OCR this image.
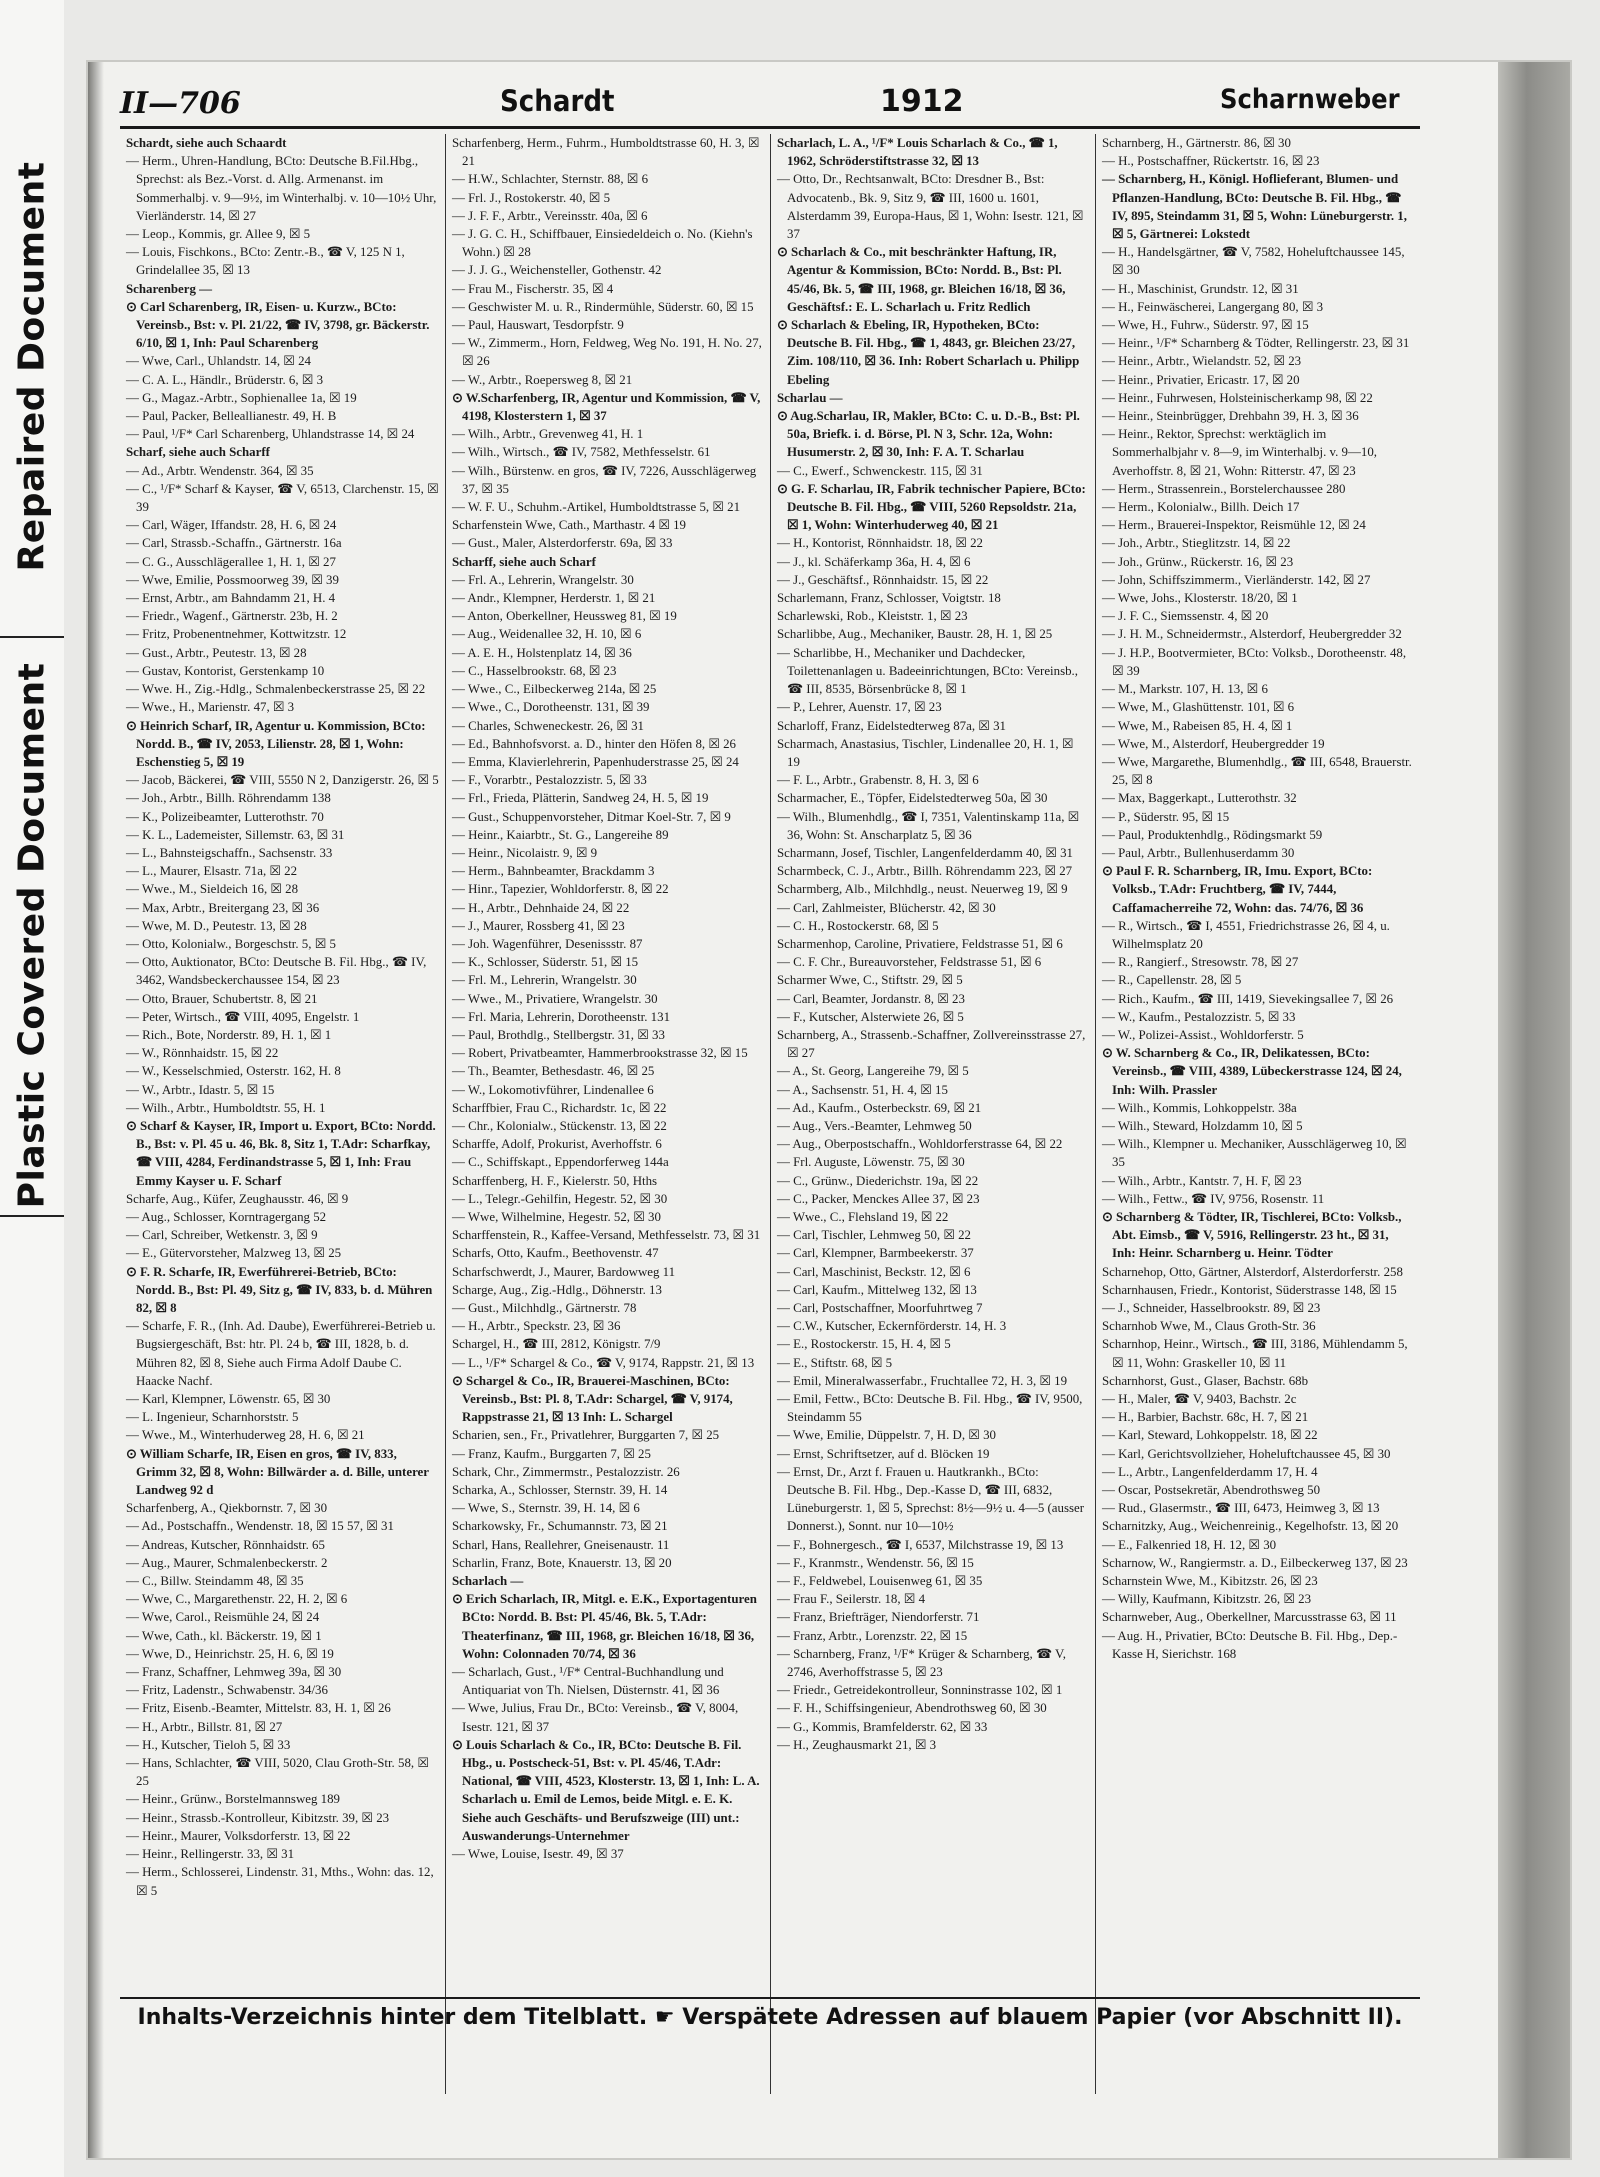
Repaired Document
Plastic Covered Document
II—706	Schardt	1912	Scharnweber
Schardt, siehe auch Schaardt
— Herm., Uhren-Handlung, BCto: Deutsche B.Fil.Hbg., Sprechst: als Bez.-Vorst. d. Allg. Armenanst. im Sommerhalbj. v. 9—9½, im Winterhalbj. v. 10—10½ Uhr, Vierländerstr. 14, ☒ 27
— Leop., Kommis, gr. Allee 9, ☒ 5
— Louis, Fischkons., BCto: Zentr.-B., ☎ V, 125 N 1, Grindelallee 35, ☒ 13
Scharenberg —
⊙ Carl Scharenberg, IR, Eisen- u. Kurzw., BCto: Vereinsb., Bst: v. Pl. 21/22, ☎ IV, 3798, gr. Bäckerstr. 6/10, ☒ 1, Inh: Paul Scharenberg
— Wwe, Carl., Uhlandstr. 14, ☒ 24
— C. A. L., Händlr., Brüderstr. 6, ☒ 3
— G., Magaz.-Arbtr., Sophienallee 1a, ☒ 19
— Paul, Packer, Belleallianestr. 49, H. B
— Paul, ¹/F* Carl Scharenberg, Uhlandstrasse 14, ☒ 24
Scharf, siehe auch Scharff
— Ad., Arbtr. Wendenstr. 364, ☒ 35
— C., ¹/F* Scharf & Kayser, ☎ V, 6513, Clarchenstr. 15, ☒ 39
— Carl, Wäger, Iffandstr. 28, H. 6, ☒ 24
— Carl, Strassb.-Schaffn., Gärtnerstr. 16a
— C. G., Ausschlägerallee 1, H. 1, ☒ 27
— Wwe, Emilie, Possmoorweg 39, ☒ 39
— Ernst, Arbtr., am Bahndamm 21, H. 4
— Friedr., Wagenf., Gärtnerstr. 23b, H. 2
— Fritz, Probenentnehmer, Kottwitzstr. 12
— Gust., Arbtr., Peutestr. 13, ☒ 28
— Gustav, Kontorist, Gerstenkamp 10
— Wwe. H., Zig.-Hdlg., Schmalenbeckerstrasse 25, ☒ 22
— Wwe., H., Marienstr. 47, ☒ 3
⊙ Heinrich Scharf, IR, Agentur u. Kommission, BCto: Nordd. B., ☎ IV, 2053, Lilienstr. 28, ☒ 1, Wohn: Eschenstieg 5, ☒ 19
— Jacob, Bäckerei, ☎ VIII, 5550 N 2, Danzigerstr. 26, ☒ 5
— Joh., Arbtr., Billh. Röhrendamm 138
— K., Polizeibeamter, Lutterothstr. 70
— K. L., Lademeister, Sillemstr. 63, ☒ 31
— L., Bahnsteigschaffn., Sachsenstr. 33
— L., Maurer, Elsastr. 71a, ☒ 22
— Wwe., M., Sieldeich 16, ☒ 28
— Max, Arbtr., Breitergang 23, ☒ 36
— Wwe, M. D., Peutestr. 13, ☒ 28
— Otto, Kolonialw., Borgeschstr. 5, ☒ 5
— Otto, Auktionator, BCto: Deutsche B. Fil. Hbg., ☎ IV, 3462, Wandsbeckerchaussee 154, ☒ 23
— Otto, Brauer, Schubertstr. 8, ☒ 21
— Peter, Wirtsch., ☎ VIII, 4095, Engelstr. 1
— Rich., Bote, Norderstr. 89, H. 1, ☒ 1
— W., Rönnhaidstr. 15, ☒ 22
— W., Kesselschmied, Osterstr. 162, H. 8
— W., Arbtr., Idastr. 5, ☒ 15
— Wilh., Arbtr., Humboldtstr. 55, H. 1
⊙ Scharf & Kayser, IR, Import u. Export, BCto: Nordd. B., Bst: v. Pl. 45 u. 46, Bk. 8, Sitz 1, T.Adr: Scharfkay, ☎ VIII, 4284, Ferdinandstrasse 5, ☒ 1, Inh: Frau Emmy Kayser u. F. Scharf
Scharfe, Aug., Küfer, Zeughausstr. 46, ☒ 9
— Aug., Schlosser, Korntragergang 52
— Carl, Schreiber, Wetkenstr. 3, ☒ 9
— E., Gütervorsteher, Malzweg 13, ☒ 25
⊙ F. R. Scharfe, IR, Ewerführerei-Betrieb, BCto: Nordd. B., Bst: Pl. 49, Sitz g, ☎ IV, 833, b. d. Mühren 82, ☒ 8
— Scharfe, F. R., (Inh. Ad. Daube), Ewerführerei-Betrieb u. Bugsiergeschäft, Bst: htr. Pl. 24 b, ☎ III, 1828, b. d. Mühren 82, ☒ 8, Siehe auch Firma Adolf Daube C. Haacke Nachf.
— Karl, Klempner, Löwenstr. 65, ☒ 30
— L. Ingenieur, Scharnhorststr. 5
— Wwe., M., Winterhuderweg 28, H. 6, ☒ 21
⊙ William Scharfe, IR, Eisen en gros, ☎ IV, 833, Grimm 32, ☒ 8, Wohn: Billwärder a. d. Bille, unterer Landweg 92 d
Scharfenberg, A., Qiekbornstr. 7, ☒ 30
— Ad., Postschaffn., Wendenstr. 18, ☒ 15 57, ☒ 31
— Andreas, Kutscher, Rönnhaidstr. 65
— Aug., Maurer, Schmalenbeckerstr. 2
— C., Billw. Steindamm 48, ☒ 35
— Wwe, C., Margarethenstr. 22, H. 2, ☒ 6
— Wwe, Carol., Reismühle 24, ☒ 24
— Wwe, Cath., kl. Bäckerstr. 19, ☒ 1
— Wwe, D., Heinrichstr. 25, H. 6, ☒ 19
— Franz, Schaffner, Lehmweg 39a, ☒ 30
— Fritz, Ladenstr., Schwabenstr. 34/36
— Fritz, Eisenb.-Beamter, Mittelstr. 83, H. 1, ☒ 26
— H., Arbtr., Billstr. 81, ☒ 27
— H., Kutscher, Tieloh 5, ☒ 33
— Hans, Schlachter, ☎ VIII, 5020, Clau Groth-Str. 58, ☒ 25
— Heinr., Grünw., Borstelmannsweg 189
— Heinr., Strassb.-Kontrolleur, Kibitzstr. 39, ☒ 23
— Heinr., Maurer, Volksdorferstr. 13, ☒ 22
— Heinr., Rellingerstr. 33, ☒ 31
— Herm., Schlosserei, Lindenstr. 31, Mths., Wohn: das. 12, ☒ 5
Scharfenberg, Herm., Fuhrm., Humboldtstrasse 60, H. 3, ☒ 21
— H.W., Schlachter, Sternstr. 88, ☒ 6
— Frl. J., Rostokerstr. 40, ☒ 5
— J. F. F., Arbtr., Vereinsstr. 40a, ☒ 6
— J. G. C. H., Schiffbauer, Einsiedeldeich o. No. (Kiehn's Wohn.) ☒ 28
— J. J. G., Weichensteller, Gothenstr. 42
— Frau M., Fischerstr. 35, ☒ 4
— Geschwister M. u. R., Rindermühle, Süderstr. 60, ☒ 15
— Paul, Hauswart, Tesdorpfstr. 9
— W., Zimmerm., Horn, Feldweg, Weg No. 191, H. No. 27, ☒ 26
— W., Arbtr., Roepersweg 8, ☒ 21
⊙ W.Scharfenberg, IR, Agentur und Kommission, ☎ V, 4198, Klosterstern 1, ☒ 37
— Wilh., Arbtr., Grevenweg 41, H. 1
— Wilh., Wirtsch., ☎ IV, 7582, Methfesselstr. 61
— Wilh., Bürstenw. en gros, ☎ IV, 7226, Ausschlägerweg 37, ☒ 35
— W. F. U., Schuhm.-Artikel, Humboldtstrasse 5, ☒ 21
Scharfenstein Wwe, Cath., Marthastr. 4 ☒ 19
— Gust., Maler, Alsterdorferstr. 69a, ☒ 33
Scharff, siehe auch Scharf
— Frl. A., Lehrerin, Wrangelstr. 30
— Andr., Klempner, Herderstr. 1, ☒ 21
— Anton, Oberkellner, Heussweg 81, ☒ 19
— Aug., Weidenallee 32, H. 10, ☒ 6
— A. E. H., Holstenplatz 14, ☒ 36
— C., Hasselbrookstr. 68, ☒ 23
— Wwe., C., Eilbeckerweg 214a, ☒ 25
— Wwe., C., Dorotheenstr. 131, ☒ 39
— Charles, Schweneckestr. 26, ☒ 31
— Ed., Bahnhofsvorst. a. D., hinter den Höfen 8, ☒ 26
— Emma, Klavierlehrerin, Papenhuderstrasse 25, ☒ 24
— F., Vorarbtr., Pestalozzistr. 5, ☒ 33
— Frl., Frieda, Plätterin, Sandweg 24, H. 5, ☒ 19
— Gust., Schuppenvorsteher, Ditmar Koel-Str. 7, ☒ 9
— Heinr., Kaiarbtr., St. G., Langereihe 89
— Heinr., Nicolaistr. 9, ☒ 9
— Herm., Bahnbeamter, Brackdamm 3
— Hinr., Tapezier, Wohldorferstr. 8, ☒ 22
— H., Arbtr., Dehnhaide 24, ☒ 22
— J., Maurer, Rossberg 41, ☒ 23
— Joh. Wagenführer, Desenissstr. 87
— K., Schlosser, Süderstr. 51, ☒ 15
— Frl. M., Lehrerin, Wrangelstr. 30
— Wwe., M., Privatiere, Wrangelstr. 30
— Frl. Maria, Lehrerin, Dorotheenstr. 131
— Paul, Brothdlg., Stellbergstr. 31, ☒ 33
— Robert, Privatbeamter, Hammerbrookstrasse 32, ☒ 15
— Th., Beamter, Bethesdastr. 46, ☒ 25
— W., Lokomotivführer, Lindenallee 6
Scharffbier, Frau C., Richardstr. 1c, ☒ 22
— Chr., Kolonialw., Stückenstr. 13, ☒ 22
Scharffe, Adolf, Prokurist, Averhoffstr. 6
— C., Schiffskapt., Eppendorferweg 144a
Scharffenberg, H. F., Kielerstr. 50, Hths
— L., Telegr.-Gehilfin, Hegestr. 52, ☒ 30
— Wwe, Wilhelmine, Hegestr. 52, ☒ 30
Scharffenstein, R., Kaffee-Versand, Methfesselstr. 73, ☒ 31
Scharfs, Otto, Kaufm., Beethovenstr. 47
Scharfschwerdt, J., Maurer, Bardowweg 11
Scharge, Aug., Zig.-Hdlg., Döhnerstr. 13
— Gust., Milchhdlg., Gärtnerstr. 78
— H., Arbtr., Speckstr. 23, ☒ 36
Schargel, H., ☎ III, 2812, Königstr. 7/9
— L., ¹/F* Schargel & Co., ☎ V, 9174, Rappstr. 21, ☒ 13
⊙ Schargel & Co., IR, Brauerei-Maschinen, BCto: Vereinsb., Bst: Pl. 8, T.Adr: Schargel, ☎ V, 9174, Rappstrasse 21, ☒ 13 Inh: L. Schargel
Scharien, sen., Fr., Privatlehrer, Burggarten 7, ☒ 25
— Franz, Kaufm., Burggarten 7, ☒ 25
Schark, Chr., Zimmermstr., Pestalozzistr. 26
Scharka, A., Schlosser, Sternstr. 39, H. 14
— Wwe, S., Sternstr. 39, H. 14, ☒ 6
Scharkowsky, Fr., Schumannstr. 73, ☒ 21
Scharl, Hans, Reallehrer, Gneisenaustr. 11
Scharlin, Franz, Bote, Knauerstr. 13, ☒ 20
Scharlach —
⊙ Erich Scharlach, IR, Mitgl. e. E.K., Exportagenturen BCto: Nordd. B. Bst: Pl. 45/46, Bk. 5, T.Adr: Theaterfinanz, ☎ III, 1968, gr. Bleichen 16/18, ☒ 36, Wohn: Colonnaden 70/74, ☒ 36
— Scharlach, Gust., ¹/F* Central-Buchhandlung und Antiquariat von Th. Nielsen, Düsternstr. 41, ☒ 36
— Wwe, Julius, Frau Dr., BCto: Vereinsb., ☎ V, 8004, Isestr. 121, ☒ 37
⊙ Louis Scharlach & Co., IR, BCto: Deutsche B. Fil. Hbg., u. Postscheck-51, Bst: v. Pl. 45/46, T.Adr: National, ☎ VIII, 4523, Klosterstr. 13, ☒ 1, Inh: L. A. Scharlach u. Emil de Lemos, beide Mitgl. e. E. K. Siehe auch Geschäfts- und Berufszweige (III) unt.: Auswanderungs-Unternehmer
— Wwe, Louise, Isestr. 49, ☒ 37
Scharlach, L. A., ¹/F* Louis Scharlach & Co., ☎ 1, 1962, Schröderstiftstrasse 32, ☒ 13
— Otto, Dr., Rechtsanwalt, BCto: Dresdner B., Bst: Advocatenb., Bk. 9, Sitz 9, ☎ III, 1600 u. 1601, Alsterdamm 39, Europa-Haus, ☒ 1, Wohn: Isestr. 121, ☒ 37
⊙ Scharlach & Co., mit beschränkter Haftung, IR, Agentur & Kommission, BCto: Nordd. B., Bst: Pl. 45/46, Bk. 5, ☎ III, 1968, gr. Bleichen 16/18, ☒ 36, Geschäftsf.: E. L. Scharlach u. Fritz Redlich
⊙ Scharlach & Ebeling, IR, Hypotheken, BCto: Deutsche B. Fil. Hbg., ☎ 1, 4843, gr. Bleichen 23/27, Zim. 108/110, ☒ 36. Inh: Robert Scharlach u. Philipp Ebeling
Scharlau —
⊙ Aug.Scharlau, IR, Makler, BCto: C. u. D.-B., Bst: Pl. 50a, Briefk. i. d. Börse, Pl. N 3, Schr. 12a, Wohn: Husumerstr. 2, ☒ 30, Inh: F. A. T. Scharlau
— C., Ewerf., Schwenckestr. 115, ☒ 31
⊙ G. F. Scharlau, IR, Fabrik technischer Papiere, BCto: Deutsche B. Fil. Hbg., ☎ VIII, 5260 Repsoldstr. 21a, ☒ 1, Wohn: Winterhuderweg 40, ☒ 21
— H., Kontorist, Rönnhaidstr. 18, ☒ 22
— J., kl. Schäferkamp 36a, H. 4, ☒ 6
— J., Geschäftsf., Rönnhaidstr. 15, ☒ 22
Scharlemann, Franz, Schlosser, Voigtstr. 18
Scharlewski, Rob., Kleiststr. 1, ☒ 23
Scharlibbe, Aug., Mechaniker, Baustr. 28, H. 1, ☒ 25
— Scharlibbe, H., Mechaniker und Dachdecker, Toilettenanlagen u. Badeeinrichtungen, BCto: Vereinsb., ☎ III, 8535, Börsenbrücke 8, ☒ 1
— P., Lehrer, Auenstr. 17, ☒ 23
Scharloff, Franz, Eidelstedterweg 87a, ☒ 31
Scharmach, Anastasius, Tischler, Lindenallee 20, H. 1, ☒ 19
— F. L., Arbtr., Grabenstr. 8, H. 3, ☒ 6
Scharmacher, E., Töpfer, Eidelstedterweg 50a, ☒ 30
— Wilh., Blumenhdlg., ☎ I, 7351, Valentinskamp 11a, ☒ 36, Wohn: St. Anscharplatz 5, ☒ 36
Scharmann, Josef, Tischler, Langenfelderdamm 40, ☒ 31
Scharmbeck, C. J., Arbtr., Billh. Röhrendamm 223, ☒ 27
Scharmberg, Alb., Milchhdlg., neust. Neuerweg 19, ☒ 9
— Carl, Zahlmeister, Blücherstr. 42, ☒ 30
— C. H., Rostockerstr. 68, ☒ 5
Scharmenhop, Caroline, Privatiere, Feldstrasse 51, ☒ 6
— C. F. Chr., Bureauvorsteher, Feldstrasse 51, ☒ 6
Scharmer Wwe, C., Stiftstr. 29, ☒ 5
— Carl, Beamter, Jordanstr. 8, ☒ 23
— F., Kutscher, Alsterwiete 26, ☒ 5
Scharnberg, A., Strassenb.-Schaffner, Zollvereinsstrasse 27, ☒ 27
— A., St. Georg, Langereihe 79, ☒ 5
— A., Sachsenstr. 51, H. 4, ☒ 15
— Ad., Kaufm., Osterbeckstr. 69, ☒ 21
— Aug., Vers.-Beamter, Lehmweg 50
— Aug., Oberpostschaffn., Wohldorferstrasse 64, ☒ 22
— Frl. Auguste, Löwenstr. 75, ☒ 30
— C., Grünw., Diederichstr. 19a, ☒ 22
— C., Packer, Menckes Allee 37, ☒ 23
— Wwe., C., Flehsland 19, ☒ 22
— Carl, Tischler, Lehmweg 50, ☒ 22
— Carl, Klempner, Barmbeekerstr. 37
— Carl, Maschinist, Beckstr. 12, ☒ 6
— Carl, Kaufm., Mittelweg 132, ☒ 13
— Carl, Postschaffner, Moorfuhrtweg 7
— C.W., Kutscher, Eckernförderstr. 14, H. 3
— E., Rostockerstr. 15, H. 4, ☒ 5
— E., Stiftstr. 68, ☒ 5
— Emil, Mineralwasserfabr., Fruchtallee 72, H. 3, ☒ 19
— Emil, Fettw., BCto: Deutsche B. Fil. Hbg., ☎ IV, 9500, Steindamm 55
— Wwe, Emilie, Düppelstr. 7, H. D, ☒ 30
— Ernst, Schriftsetzer, auf d. Blöcken 19
— Ernst, Dr., Arzt f. Frauen u. Hautkrankh., BCto: Deutsche B. Fil. Hbg., Dep.-Kasse D, ☎ III, 6832, Lüneburgerstr. 1, ☒ 5, Sprechst: 8½—9½ u. 4—5 (ausser Donnerst.), Sonnt. nur 10—10½
— F., Bohnergesch., ☎ I, 6537, Milchstrasse 19, ☒ 13
— F., Kranmstr., Wendenstr. 56, ☒ 15
— F., Feldwebel, Louisenweg 61, ☒ 35
— Frau F., Seilerstr. 18, ☒ 4
— Franz, Briefträger, Niendorferstr. 71
— Franz, Arbtr., Lorenzstr. 22, ☒ 15
— Scharnberg, Franz, ¹/F* Krüger & Scharnberg, ☎ V, 2746, Averhoffstrasse 5, ☒ 23
— Friedr., Getreidekontrolleur, Sonninstrasse 102, ☒ 1
— F. H., Schiffsingenieur, Abendrothsweg 60, ☒ 30
— G., Kommis, Bramfelderstr. 62, ☒ 33
— H., Zeughausmarkt 21, ☒ 3
Scharnberg, H., Gärtnerstr. 86, ☒ 30
— H., Postschaffner, Rückertstr. 16, ☒ 23
— Scharnberg, H., Königl. Hoflieferant, Blumen- und Pflanzen-Handlung, BCto: Deutsche B. Fil. Hbg., ☎ IV, 895, Steindamm 31, ☒ 5, Wohn: Lüneburgerstr. 1, ☒ 5, Gärtnerei: Lokstedt
— H., Handelsgärtner, ☎ V, 7582, Hoheluftchaussee 145, ☒ 30
— H., Maschinist, Grundstr. 12, ☒ 31
— H., Feinwäscherei, Langergang 80, ☒ 3
— Wwe, H., Fuhrw., Süderstr. 97, ☒ 15
— Heinr., ¹/F* Scharnberg & Tödter, Rellingerstr. 23, ☒ 31
— Heinr., Arbtr., Wielandstr. 52, ☒ 23
— Heinr., Privatier, Ericastr. 17, ☒ 20
— Heinr., Fuhrwesen, Holsteinischerkamp 98, ☒ 22
— Heinr., Steinbrügger, Drehbahn 39, H. 3, ☒ 36
— Heinr., Rektor, Sprechst: werktäglich im Sommerhalbjahr v. 8—9, im Winterhalbj. v. 9—10, Averhoffstr. 8, ☒ 21, Wohn: Ritterstr. 47, ☒ 23
— Herm., Strassenrein., Borstelerchaussee 280
— Herm., Kolonialw., Billh. Deich 17
— Herm., Brauerei-Inspektor, Reismühle 12, ☒ 24
— Joh., Arbtr., Stieglitzstr. 14, ☒ 22
— Joh., Grünw., Rückerstr. 16, ☒ 23
— John, Schiffszimmerm., Vierländerstr. 142, ☒ 27
— Wwe, Johs., Klosterstr. 18/20, ☒ 1
— J. F. C., Siemssenstr. 4, ☒ 20
— J. H. M., Schneidermstr., Alsterdorf, Heubergredder 32
— J. H.P., Bootvermieter, BCto: Volksb., Dorotheenstr. 48, ☒ 39
— M., Markstr. 107, H. 13, ☒ 6
— Wwe, M., Glashüttenstr. 101, ☒ 6
— Wwe, M., Rabeisen 85, H. 4, ☒ 1
— Wwe, M., Alsterdorf, Heubergredder 19
— Wwe, Margarethe, Blumenhdlg., ☎ III, 6548, Brauerstr. 25, ☒ 8
— Max, Baggerkapt., Lutterothstr. 32
— P., Süderstr. 95, ☒ 15
— Paul, Produktenhdlg., Rödingsmarkt 59
— Paul, Arbtr., Bullenhuserdamm 30
⊙ Paul F. R. Scharnberg, IR, Imu. Export, BCto: Volksb., T.Adr: Fruchtberg, ☎ IV, 7444, Caffamacherreihe 72, Wohn: das. 74/76, ☒ 36
— R., Wirtsch., ☎ I, 4551, Friedrichstrasse 26, ☒ 4, u. Wilhelmsplatz 20
— R., Rangierf., Stresowstr. 78, ☒ 27
— R., Capellenstr. 28, ☒ 5
— Rich., Kaufm., ☎ III, 1419, Sievekingsallee 7, ☒ 26
— W., Kaufm., Pestalozzistr. 5, ☒ 33
— W., Polizei-Assist., Wohldorferstr. 5
⊙ W. Scharnberg & Co., IR, Delikatessen, BCto: Vereinsb., ☎ VIII, 4389, Lübeckerstrasse 124, ☒ 24, Inh: Wilh. Prassler
— Wilh., Kommis, Lohkoppelstr. 38a
— Wilh., Steward, Holzdamm 10, ☒ 5
— Wilh., Klempner u. Mechaniker, Ausschlägerweg 10, ☒ 35
— Wilh., Arbtr., Kantstr. 7, H. F, ☒ 23
— Wilh., Fettw., ☎ IV, 9756, Rosenstr. 11
⊙ Scharnberg & Tödter, IR, Tischlerei, BCto: Volksb., Abt. Eimsb., ☎ V, 5916, Rellingerstr. 23 ht., ☒ 31, Inh: Heinr. Scharnberg u. Heinr. Tödter
Scharnehop, Otto, Gärtner, Alsterdorf, Alsterdorferstr. 258
Scharnhausen, Friedr., Kontorist, Süderstrasse 148, ☒ 15
— J., Schneider, Hasselbrookstr. 89, ☒ 23
Scharnhob Wwe, M., Claus Groth-Str. 36
Scharnhop, Heinr., Wirtsch., ☎ III, 3186, Mühlendamm 5, ☒ 11, Wohn: Graskeller 10, ☒ 11
Scharnhorst, Gust., Glaser, Bachstr. 68b
— H., Maler, ☎ V, 9403, Bachstr. 2c
— H., Barbier, Bachstr. 68c, H. 7, ☒ 21
— Karl, Steward, Lohkoppelstr. 18, ☒ 22
— Karl, Gerichtsvollzieher, Hoheluftchaussee 45, ☒ 30
— L., Arbtr., Langenfelderdamm 17, H. 4
— Oscar, Postsekretär, Abendrothsweg 50
— Rud., Glasermstr., ☎ III, 6473, Heimweg 3, ☒ 13
Scharnitzky, Aug., Weichenreinig., Kegelhofstr. 13, ☒ 20
— E., Falkenried 18, H. 12, ☒ 30
Scharnow, W., Rangiermstr. a. D., Eilbeckerweg 137, ☒ 23
Scharnstein Wwe, M., Kibitzstr. 26, ☒ 23
— Willy, Kaufmann, Kibitzstr. 26, ☒ 23
Scharnweber, Aug., Oberkellner, Marcusstrasse 63, ☒ 11
— Aug. H., Privatier, BCto: Deutsche B. Fil. Hbg., Dep.-Kasse H, Sierichstr. 168
Inhalts-Verzeichnis hinter dem Titelblatt. ☛ Verspätete Adressen auf blauem Papier (vor Abschnitt II).
